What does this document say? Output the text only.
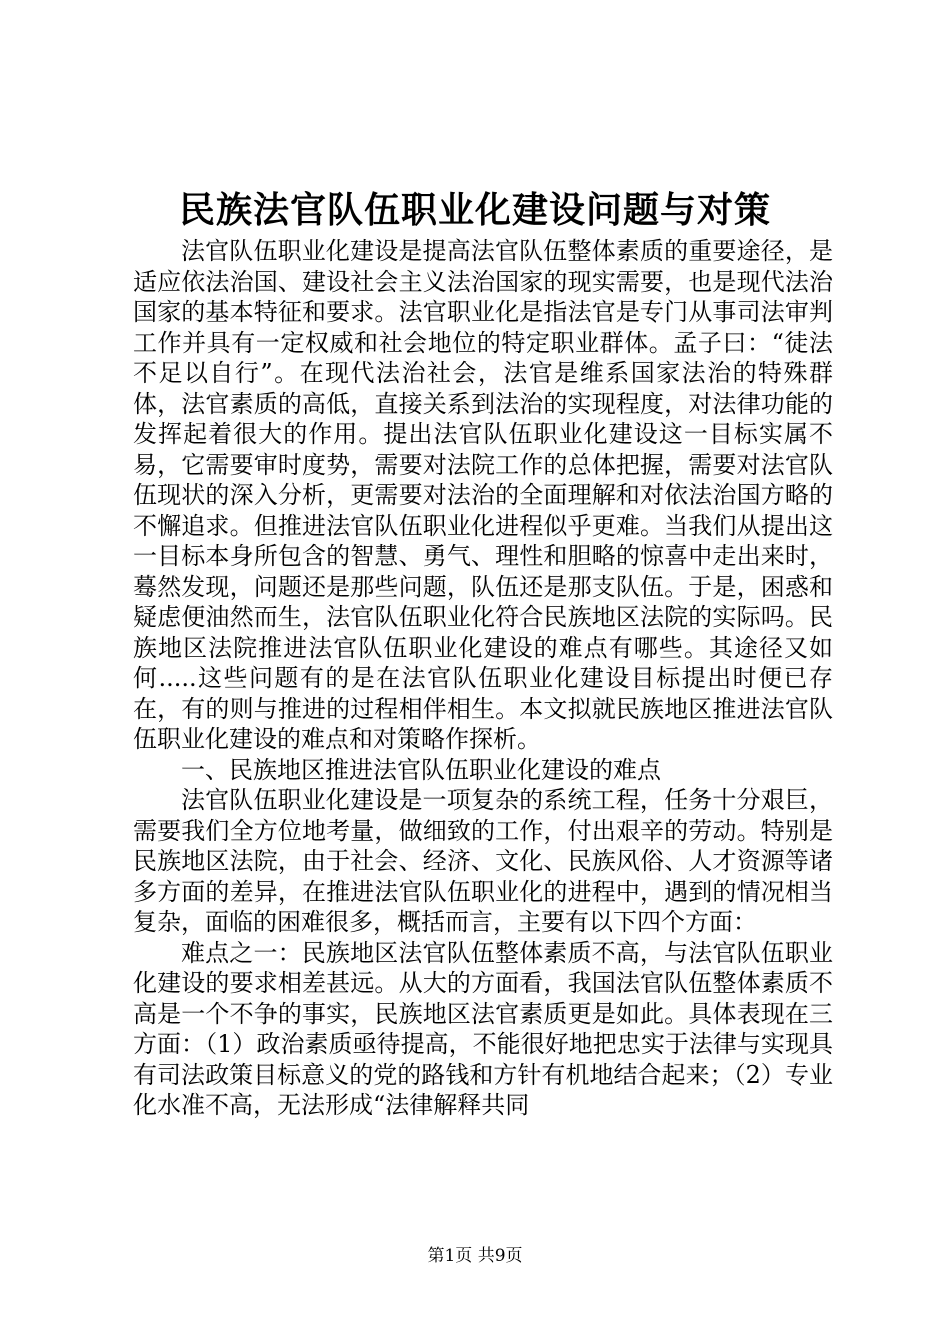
民族法官队伍职业化建设问题与对策

法官队伍职业化建设是提高法官队伍整体素质的重要途径，是适应依法治国、建设社会主义法治国家的现实需要，也是现代法治国家的基本特征和要求。法官职业化是指法官是专门从事司法审判工作并具有一定权威和社会地位的特定职业群体。孟子曰：“徒法不足以自行”。在现代法治社会，法官是维系国家法治的特殊群体，法官素质的高低，直接关系到法治的实现程度，对法律功能的发挥起着很大的作用。提出法官队伍职业化建设这一目标实属不易，它需要审时度势，需要对法院工作的总体把握，需要对法官队伍现状的深入分析，更需要对法治的全面理解和对依法治国方略的不懈追求。但推进法官队伍职业化进程似乎更难。当我们从提出这一目标本身所包含的智慧、勇气、理性和胆略的惊喜中走出来时，蓦然发现，问题还是那些问题，队伍还是那支队伍。于是，困惑和疑虑便油然而生，法官队伍职业化符合民族地区法院的实际吗。民族地区法院推进法官队伍职业化建设的难点有哪些。其途径又如何.....这些问题有的是在法官队伍职业化建设目标提出时便已存在，有的则与推进的过程相伴相生。本文拟就民族地区推进法官队伍职业化建设的难点和对策略作探析。

一、民族地区推进法官队伍职业化建设的难点

法官队伍职业化建设是一项复杂的系统工程，任务十分艰巨，需要我们全方位地考量，做细致的工作，付出艰辛的劳动。特别是民族地区法院，由于社会、经济、文化、民族风俗、人才资源等诸多方面的差异，在推进法官队伍职业化的进程中，遇到的情况相当复杂，面临的困难很多，概括而言，主要有以下四个方面：

难点之一：民族地区法官队伍整体素质不高，与法官队伍职业化建设的要求相差甚远。从大的方面看，我国法官队伍整体素质不高是一个不争的事实，民族地区法官素质更是如此。具体表现在三方面：（1）政治素质亟待提高，不能很好地把忠实于法律与实现具有司法政策目标意义的党的路钱和方针有机地结合起来；（2）专业化水准不高，无法形成“法律解释共同

第1页 共9页
